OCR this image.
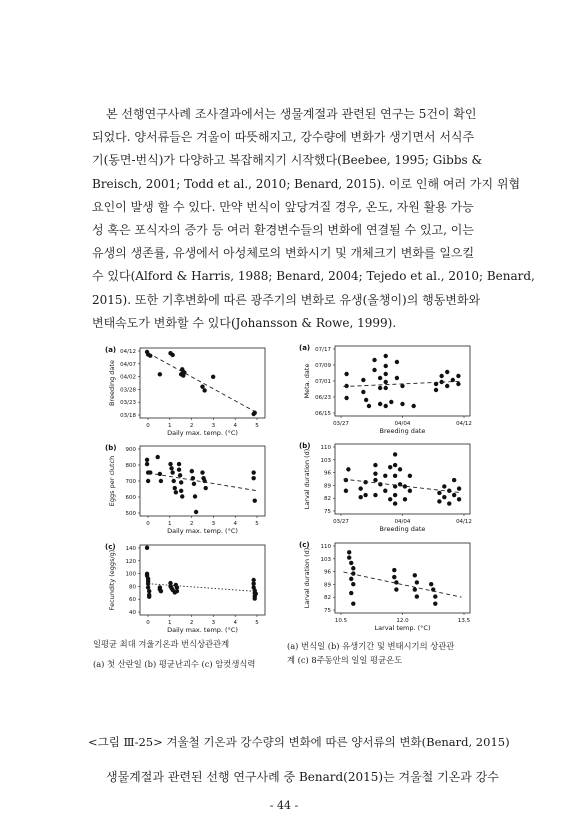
본 선행연구사례 조사결과에서는 생물계절과 관련된 연구는 5건이 확인
되었다. 양서류들은 겨울이 따뜻해지고, 강수량에 변화가 생기면서 서식주
기(동면-번식)가 다양하고 복잡해지기 시작했다(Beebee, 1995; Gibbs &
Breisch, 2001; Todd et al., 2010; Benard, 2015). 이로 인해 여러 가지 위협
요인이 발생 할 수 있다. 만약 번식이 앞당겨질 경우, 온도, 자원 활용 가능
성 혹은 포식자의 증가 등 여러 환경변수들의 변화에 연결될 수 있고, 이는
유생의 생존률, 유생에서 아성체로의 변화시기 및 개체크기 변화를 일으킬
수 있다(Alford & Harris, 1988; Benard, 2004; Tejedo et al., 2010; Benard,
2015). 또한 기후변화에 따른 광주기의 변화로 유생(올챙이)의 행동변화와
변태속도가 변화할 수 있다(Johansson & Rowe, 1999).
(a) 04/12
04/07
04/02
03/28
03/23
03/18
0	1	2	3	4	5
Daily max. temp. (°C)
Breeding date
(a) 07/17
07/09
07/01
06/23
06/15
03/27	04/04	04/12
Breeding date
Meta. date
(b) 900
800
700
600
500
0	1	2	3	4	5
Daily max. temp. (°C)
Eggs per clutch
(b) 110
103
96
89
82
75
03/27	04/04	04/12
Breeding date
Larval duration (d)
(c) 140
120
100
80
60
40
0	1	2	3	4	5
Daily max. temp. (°C)
Fecundity (eggs/g)
(c) 110
103
96
89
82
75
10.5	12.0	13.5
Larval temp. (°C)
Larval duration (d)
일평균 최대 겨울기온과 번식상관관계
(a) 첫 산란일 (b) 평균난괴수 (c) 암컷생식력
(a) 번식일 (b) 유생기간 및 변태시기의 상관관
계 (c) 8주동안의 일일 평균온도
<그림 Ⅲ-25> 겨울철 기온과 강수량의 변화에 따른 양서류의 변화(Benard, 2015)
생물계절과 관련된 선행 연구사례 중 Benard(2015)는 겨울철 기온과 강수
- 44 -
